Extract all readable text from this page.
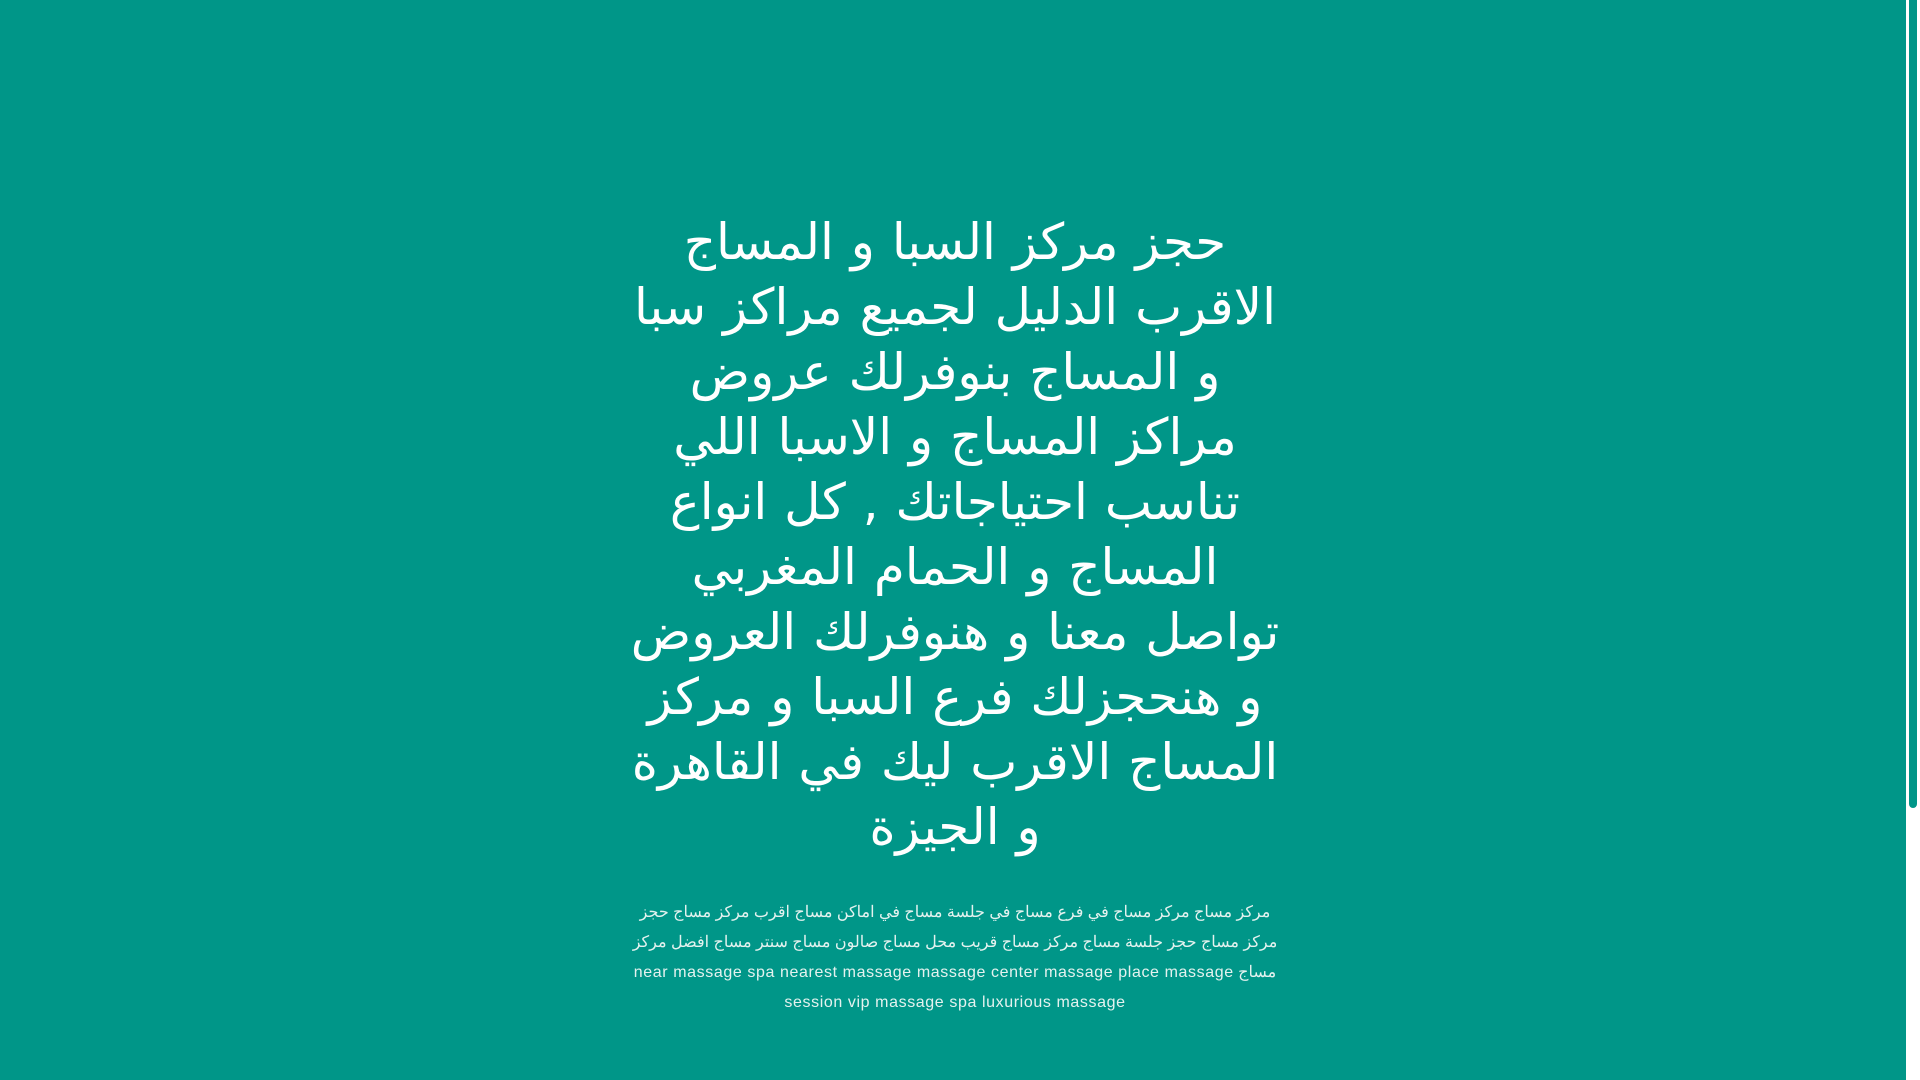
حجز مركز السبا و المساج الاقرب الدليل لجميع مراكز سبا و المساج بنوفرلك عروض مراكز المساج و الاسبا اللي تناسب احتياجاتك , كل انواع المساج و الحمام المغربي تواصل معنا و هنوفرلك العروض و هنحجزلك فرع السبا و مركز المساج الاقرب ليك في القاهرة و الجيزة

مركز مساج مركز مساج في فرع مساج في جلسة مساج في اماكن مساج اقرب مركز مساج حجز مركز مساج حجز جلسة مساج مركز مساج قريب محل مساج صالون مساج سنتر مساج افضل مركز مساج near massage spa nearest massage massage center massage place massage session vip massage spa luxurious massage
